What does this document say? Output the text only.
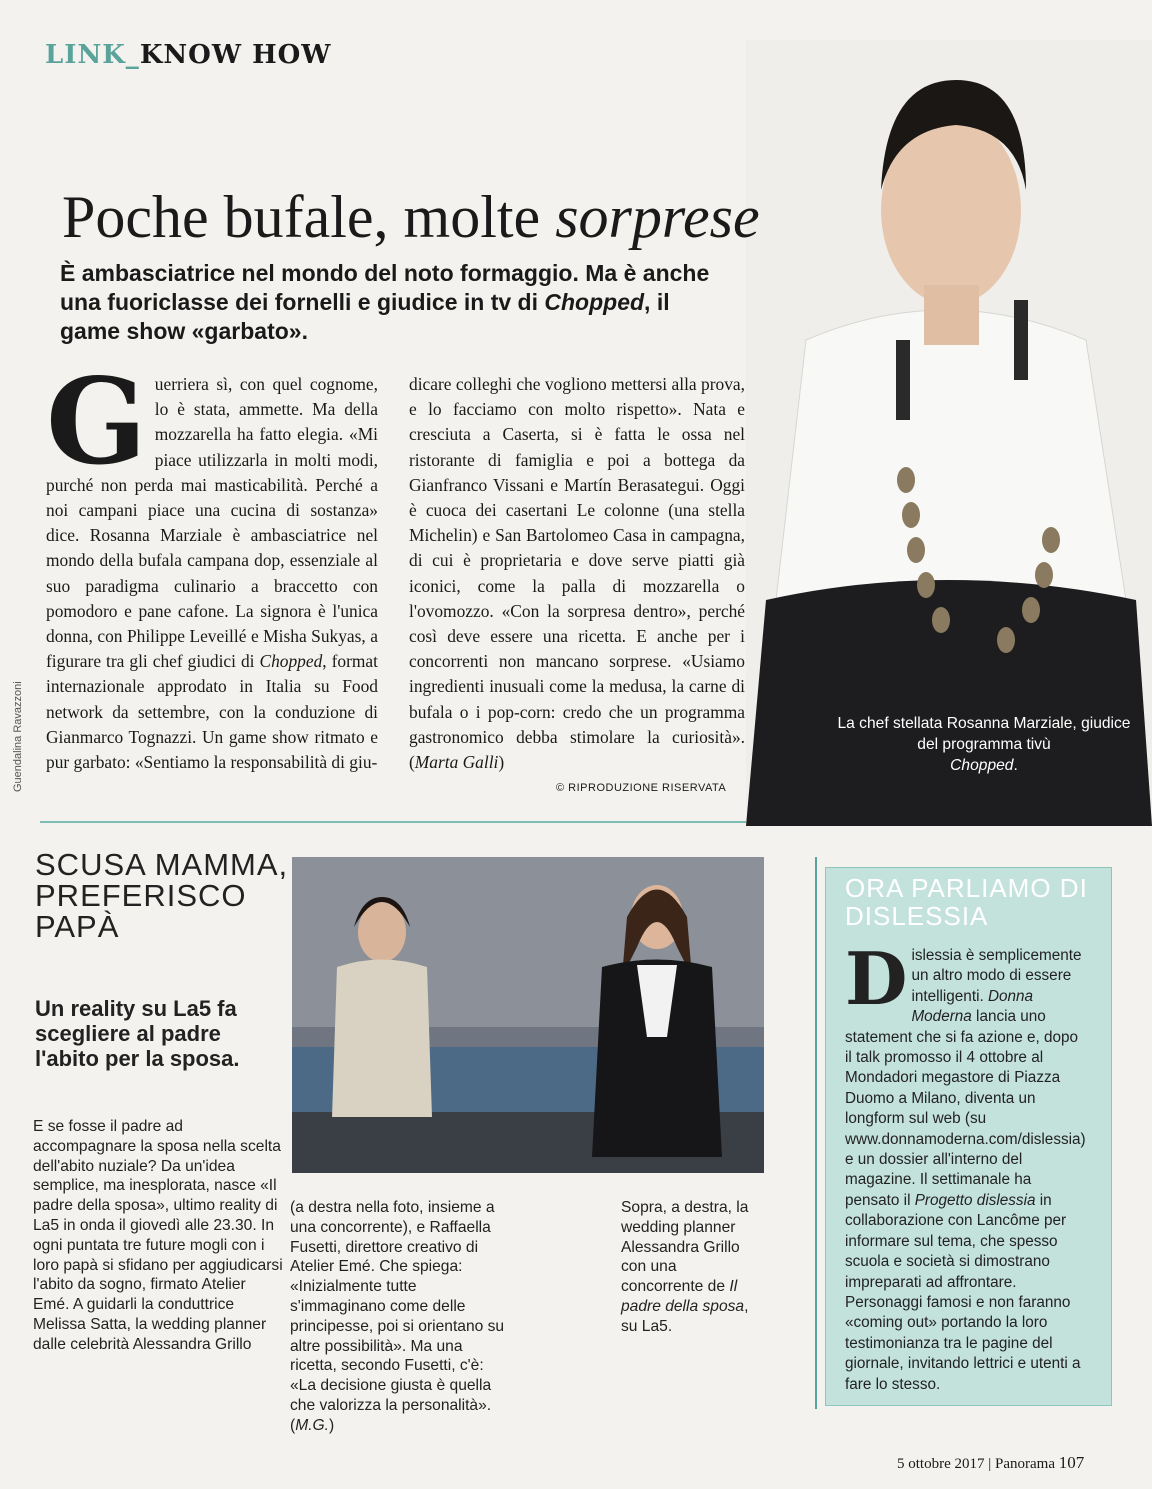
LINK_KNOW HOW
La chef stellata Rosanna Marziale, giudice del programma tivù
Chopped.
Poche bufale, molte sorprese
È ambasciatrice nel mondo del noto formaggio. Ma è anche una fuoriclasse dei fornelli e giudice in tv di Chopped, il game show «garbato».
Guerriera sì, con quel cognome, lo è stata, ammette. Ma della mozzarella ha fatto elegia. «Mi piace utilizzarla in molti modi, purché non perda mai masticabilità. Perché a noi campani piace una cucina di sostanza» dice. Rosanna Marziale è ambasciatrice nel mondo della bufala campana dop, essenziale al suo paradigma culinario a braccetto con pomodoro e pane cafone. La signora è l'unica donna, con Philippe Leveillé e Misha Sukyas, a figurare tra gli chef giudici di Chopped, format internazionale approdato in Italia su Food network da settembre, con la conduzione di Gianmarco Tognazzi. Un game show ritmato e pur garbato: «Sentiamo la responsabilità di giu-
dicare colleghi che vogliono mettersi alla prova, e lo facciamo con molto rispetto». Nata e cresciuta a Caserta, si è fatta le ossa nel ristorante di famiglia e poi a bottega da Gianfranco Vissani e Martín Berasategui. Oggi è cuoca dei casertani Le colonne (una stella Michelin) e San Bartolomeo Casa in campagna, di cui è proprietaria e dove serve piatti già iconici, come la palla di mozzarella o l'ovomozzo. «Con la sorpresa dentro», perché così deve essere una ricetta. E anche per i concorrenti non mancano sorprese. «Usiamo ingredienti inusuali come la medusa, la carne di bufala o i pop-corn: credo che un programma gastronomico debba stimolare la curiosità». (Marta Galli)
Guendalina Ravazzoni	© RIPRODUZIONE RISERVATA
SCUSA MAMMA, PREFERISCO PAPÀ
Un reality su La5 fa scegliere al padre l'abito per la sposa.
E se fosse il padre ad accompagnare la sposa nella scelta dell'abito nuziale? Da un'idea semplice, ma inesplorata, nasce «Il padre della sposa», ultimo reality di La5 in onda il giovedì alle 23.30. In ogni puntata tre future mogli con i loro papà si sfidano per aggiudicarsi l'abito da sogno, firmato Atelier Emé. A guidarli la conduttrice Melissa Satta, la wedding planner dalle celebrità Alessandra Grillo
(a destra nella foto, insieme a una concorrente), e Raffaella Fusetti, direttore creativo di Atelier Emé. Che spiega: «Inizialmente tutte s'immaginano come delle principesse, poi si orientano su altre possibilità». Ma una ricetta, secondo Fusetti, c'è: «La decisione giusta è quella che valorizza la personalità». (M.G.)
Sopra, a destra, la wedding planner Alessandra Grillo con una concorrente de Il padre della sposa, su La5.
ORA PARLIAMO DI DISLESSIA
Dislessia è semplicemente un altro modo di essere intelligenti. Donna Moderna lancia uno statement che si fa azione e, dopo il talk promosso il 4 ottobre al Mondadori megastore di Piazza Duomo a Milano, diventa un longform sul web (su www.donnamoderna.com/dislessia) e un dossier all'interno del magazine. Il settimanale ha pensato il Progetto dislessia in collaborazione con Lancôme per informare sul tema, che spesso scuola e società si dimostrano impreparati ad affrontare. Personaggi famosi e non faranno «coming out» portando la loro testimonianza tra le pagine del giornale, invitando lettrici e utenti a fare lo stesso.
5 ottobre 2017 | Panorama 107
